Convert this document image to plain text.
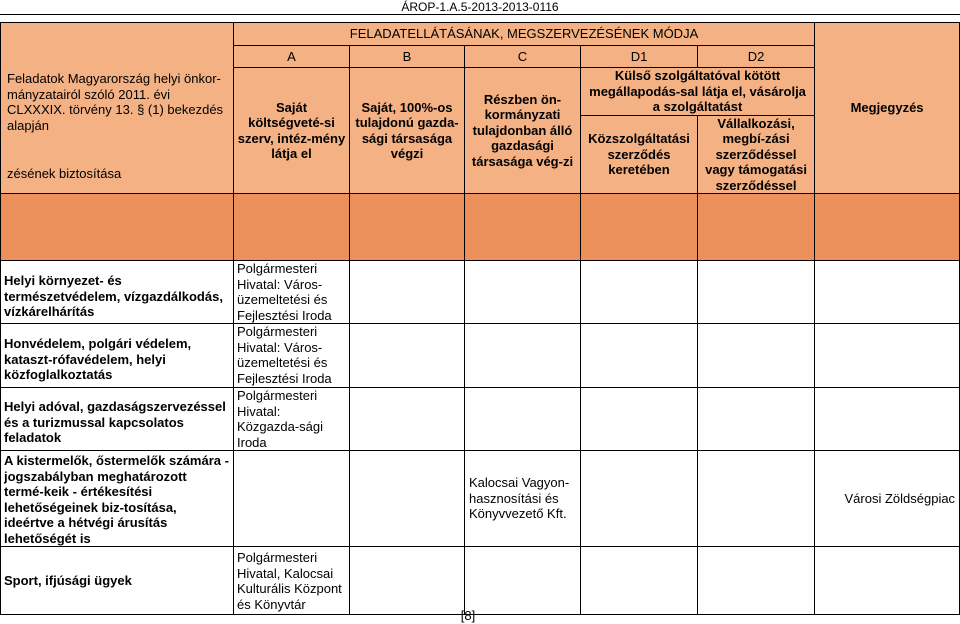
ÁROP-1.A.5-2013-2013-0116
Feladatok Magyarország helyi önkor-mányzatairól szóló 2011. évi CLXXXIX. törvény 13. § (1) bekezdés alapján
zésének biztosítása	FELADATELLÁTÁSÁNAK, MEGSZERVEZÉSÉNEK MÓDJA					Megjegyzés
	A	B	C	D1	D2	
	Saját költségveté-si szerv, intéz-mény látja el	Saját, 100%-os tulajdonú gazda-sági társasága végzi	Részben ön-kormányzati tulajdonban álló gazdasági társasága vég-zi	Külső szolgáltatóval kötött megállapodás-sal látja el, vásárolja a szolgáltatást		
				Közszolgáltatási szerződés keretében	Vállalkozási, megbí-zási szerződéssel vagy támogatási szerződéssel	

Helyi környezet- és természetvédelem, vízgazdálkodás, vízkárelhárítás	Polgármesteri Hivatal: Város-üzemeltetési és Fejlesztési Iroda					
Honvédelem, polgári védelem, kataszt-rófavédelem, helyi közfoglalkoztatás	Polgármesteri Hivatal: Város-üzemeltetési és Fejlesztési Iroda					
Helyi adóval, gazdaságszervezéssel és a turizmussal kapcsolatos feladatok	Polgármesteri Hivatal: Közgazda-sági Iroda					
A kistermelők, őstermelők számára - jogszabályban meghatározott termé-keik - értékesítési lehetőségeinek biz-tosítása, ideértve a hétvégi árusítás lehetőségét is			Kalocsai Vagyon-hasznosítási és Könyvvezető Kft.			Városi Zöldségpiac
Sport, ifjúsági ügyek	Polgármesteri Hivatal, Kalocsai Kulturális Központ és Könyvtár					
[8]
